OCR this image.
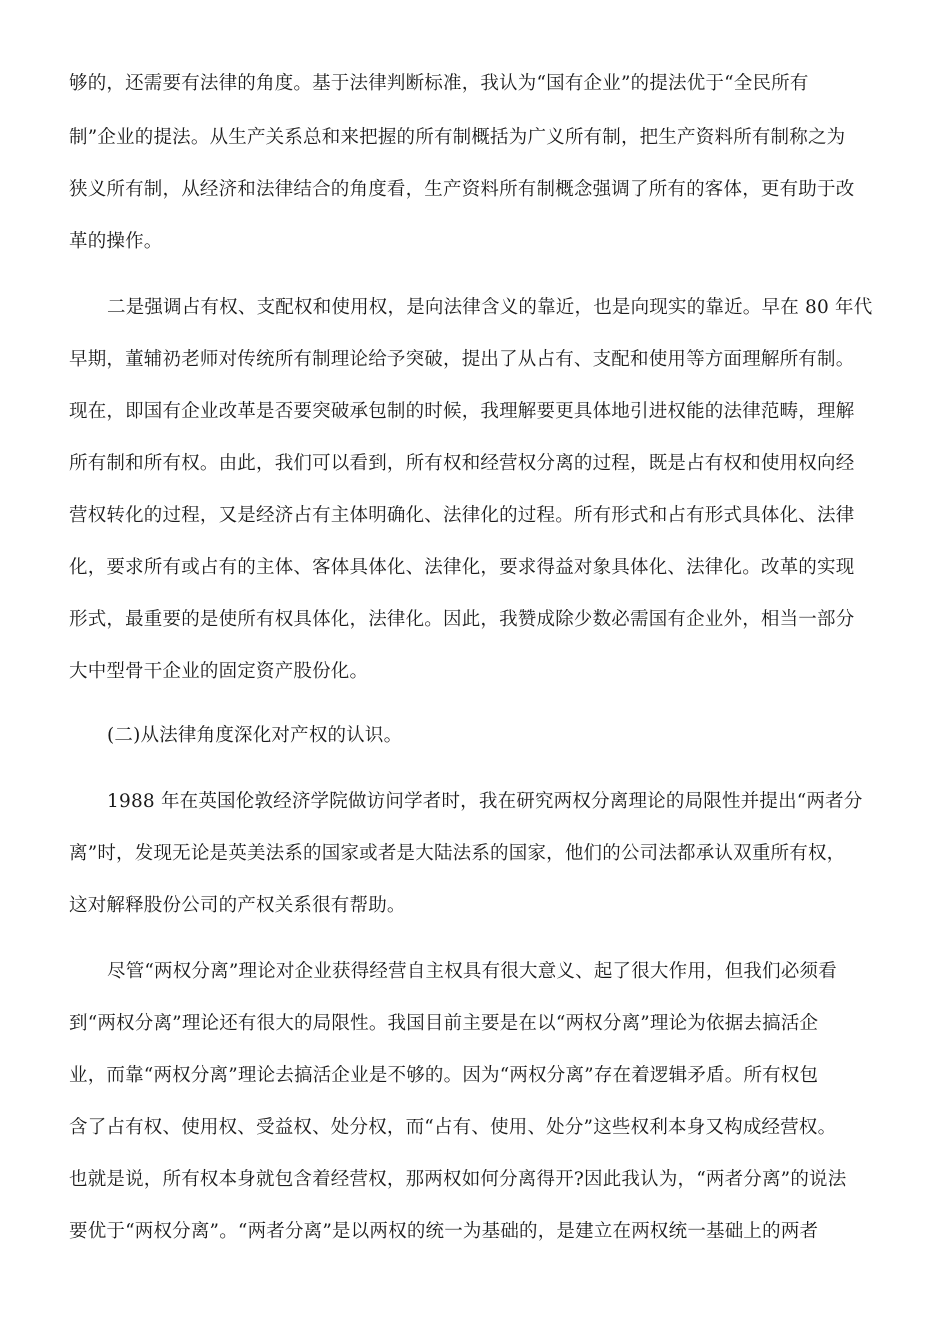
够的，还需要有法律的角度。基于法律判断标准，我认为“国有企业”的提法优于“全民所有
制”企业的提法。从生产关系总和来把握的所有制概括为广义所有制，把生产资料所有制称之为
狭义所有制，从经济和法律结合的角度看，生产资料所有制概念强调了所有的客体，更有助于改
革的操作。
二是强调占有权、支配权和使用权，是向法律含义的靠近，也是向现实的靠近。早在 80 年代
早期，董辅礽老师对传统所有制理论给予突破，提出了从占有、支配和使用等方面理解所有制。
现在，即国有企业改革是否要突破承包制的时候，我理解要更具体地引进权能的法律范畴，理解
所有制和所有权。由此，我们可以看到，所有权和经营权分离的过程，既是占有权和使用权向经
营权转化的过程，又是经济占有主体明确化、法律化的过程。所有形式和占有形式具体化、法律
化，要求所有或占有的主体、客体具体化、法律化，要求得益对象具体化、法律化。改革的实现
形式，最重要的是使所有权具体化，法律化。因此，我赞成除少数必需国有企业外，相当一部分
大中型骨干企业的固定资产股份化。
(二)从法律角度深化对产权的认识。
1988 年在英国伦敦经济学院做访问学者时，我在研究两权分离理论的局限性并提出“两者分
离”时，发现无论是英美法系的国家或者是大陆法系的国家，他们的公司法都承认双重所有权，
这对解释股份公司的产权关系很有帮助。
尽管“两权分离”理论对企业获得经营自主权具有很大意义、起了很大作用，但我们必须看
到“两权分离”理论还有很大的局限性。我国目前主要是在以“两权分离”理论为依据去搞活企
业，而靠“两权分离”理论去搞活企业是不够的。因为“两权分离”存在着逻辑矛盾。所有权包
含了占有权、使用权、受益权、处分权，而“占有、使用、处分”这些权利本身又构成经营权。
也就是说，所有权本身就包含着经营权，那两权如何分离得开?因此我认为，“两者分离”的说法
要优于“两权分离”。“两者分离”是以两权的统一为基础的，是建立在两权统一基础上的两者
